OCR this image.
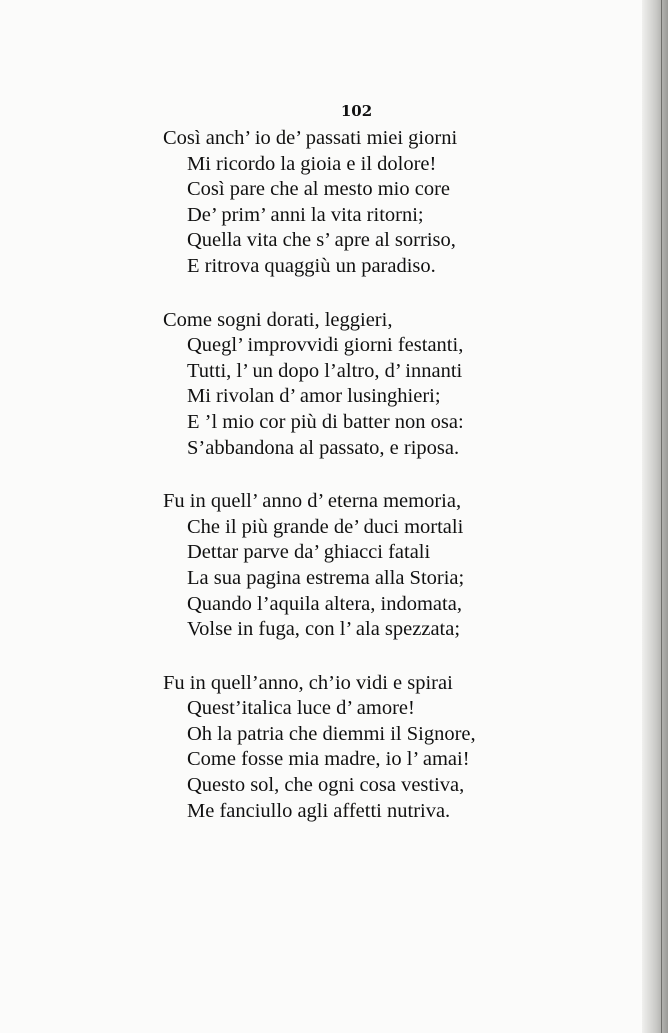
102
Così anch’ io de’ passati miei giorni
Mi ricordo la gioia e il dolore!
Così pare che al mesto mio core
De’ prim’ anni la vita ritorni;
Quella vita che s’ apre al sorriso,
E ritrova quaggiù un paradiso.
Come sogni dorati, leggieri,
Quegl’ improvvidi giorni festanti,
Tutti, l’ un dopo l’altro, d’ innanti
Mi rivolan d’ amor lusinghieri;
E ’l mio cor più di batter non osa:
S’abbandona al passato, e riposa.
Fu in quell’ anno d’ eterna memoria,
Che il più grande de’ duci mortali
Dettar parve da’ ghiacci fatali
La sua pagina estrema alla Storia;
Quando l’aquila altera, indomata,
Volse in fuga, con l’ ala spezzata;
Fu in quell’anno, ch’io vidi e spirai
Quest’italica luce d’ amore!
Oh la patria che diemmi il Signore,
Come fosse mia madre, io l’ amai!
Questo sol, che ogni cosa vestiva,
Me fanciullo agli affetti nutriva.
